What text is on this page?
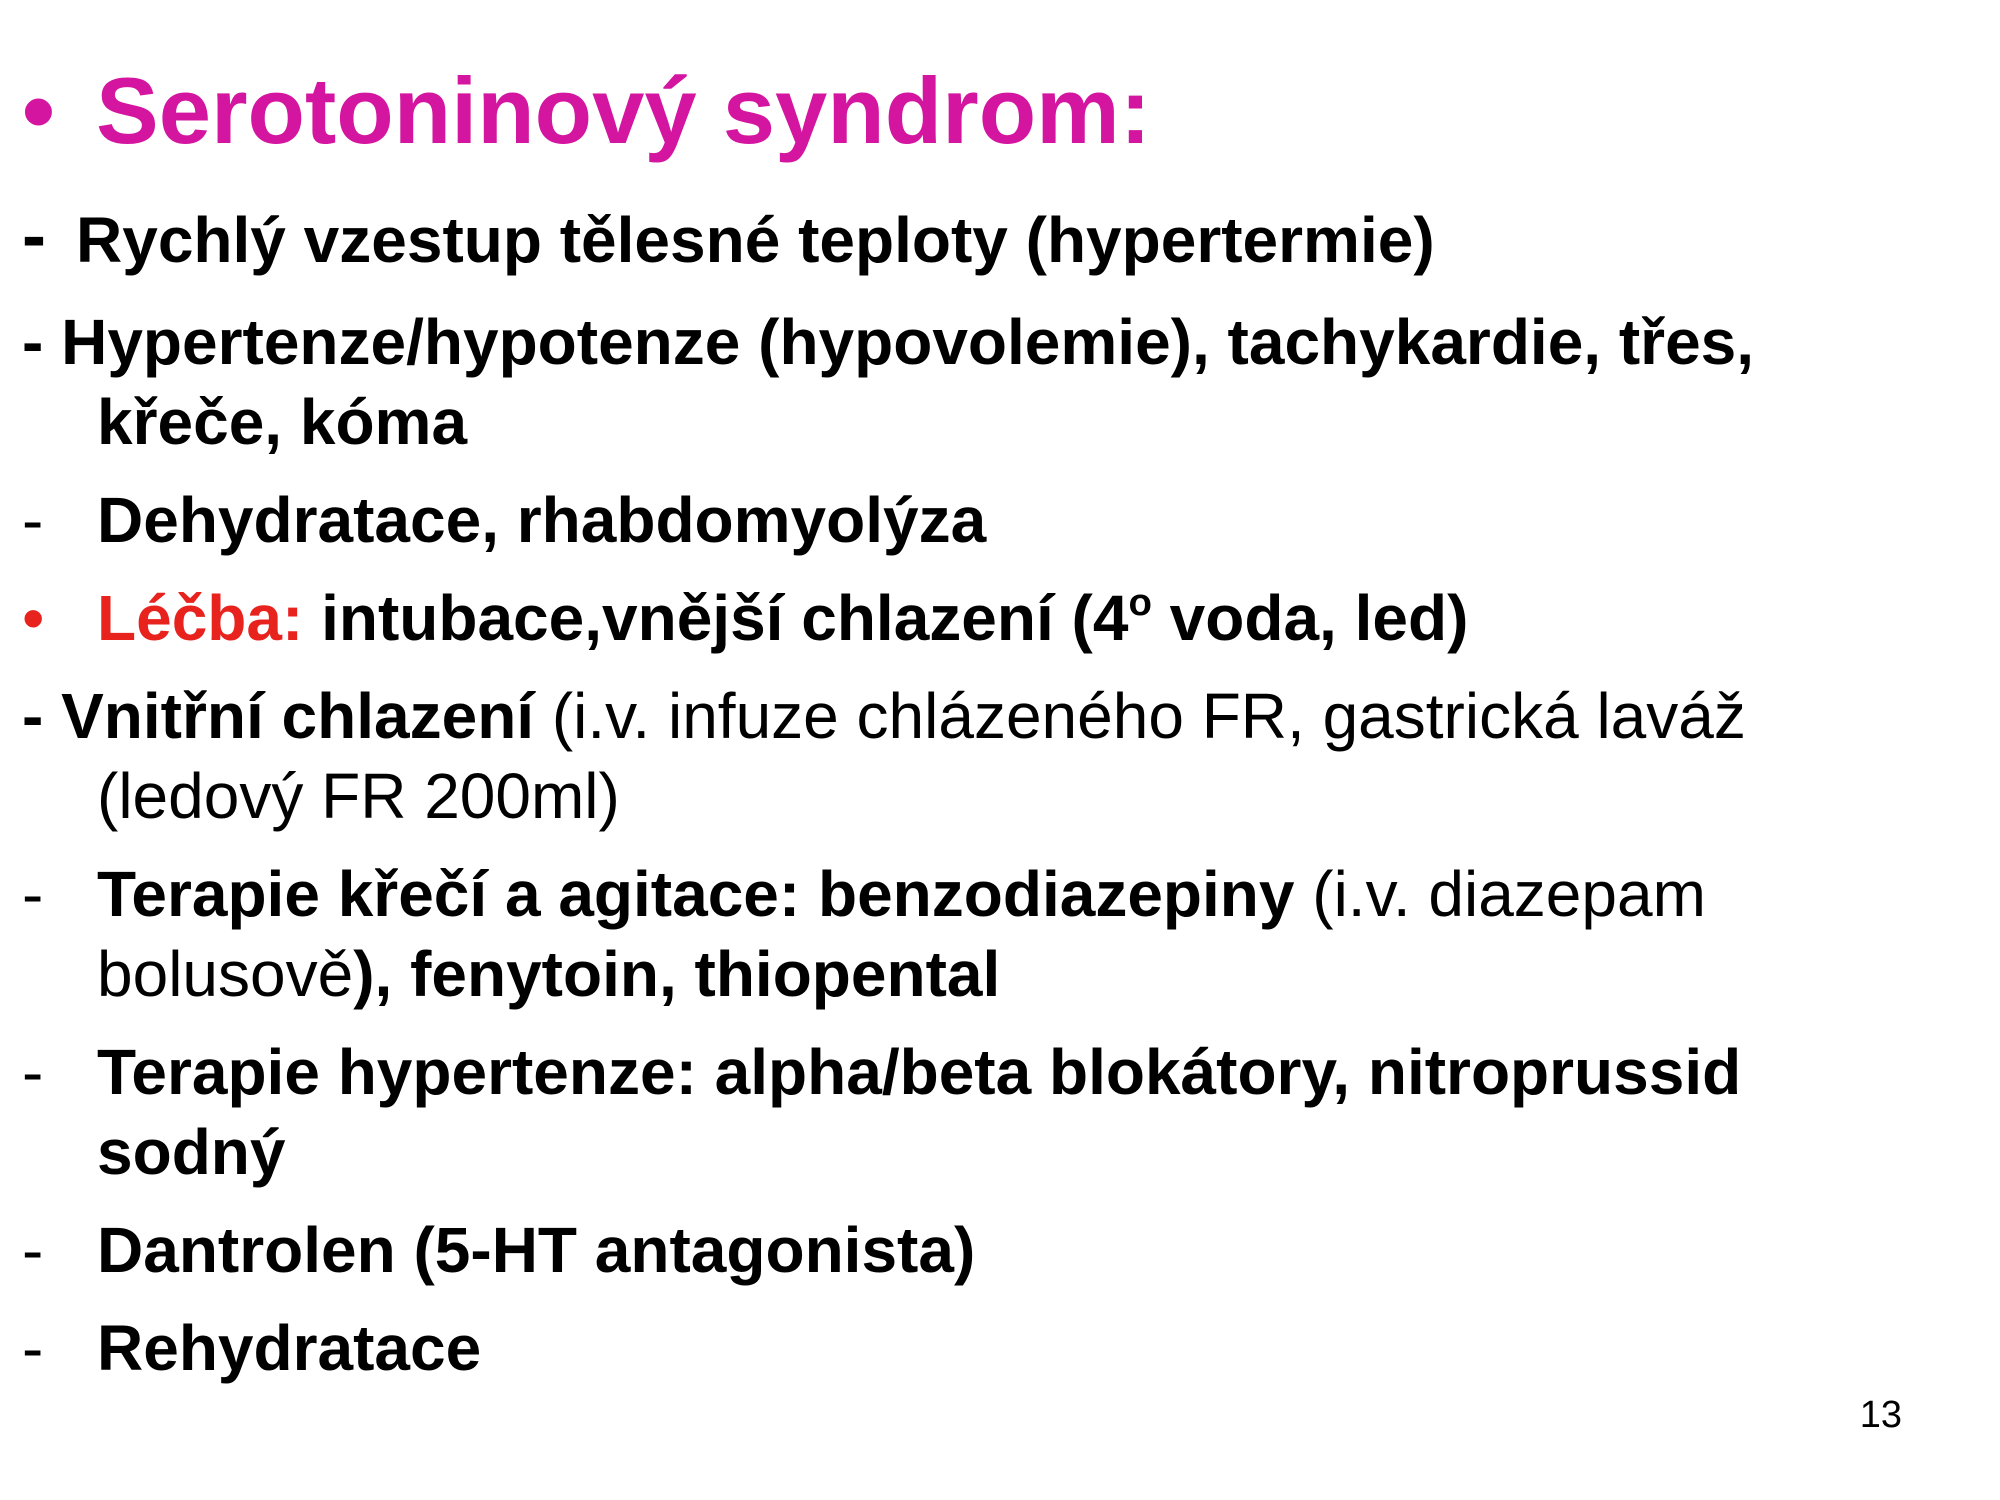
• Serotoninový syndrom:
- Rychlý vzestup tělesné teploty (hypertermie)
- Hypertenze/hypotenze (hypovolemie), tachykardie, třes,
křeče, kóma
- Dehydratace, rhabdomyolýza
• Léčba: intubace,vnější chlazení (4$^o$ voda, led)
- Vnitřní chlazení (i.v. infuze chlázeného FR, gastrická laváž
(ledový FR 200ml)
- Terapie křečí a agitace: benzodiazepiny (i.v. diazepam
bolusově), fenytoin, thiopental
- Terapie hypertenze: alpha/beta blokátory, nitroprussid
sodný
- Dantrolen (5-HT antagonista)
- Rehydratace
13
